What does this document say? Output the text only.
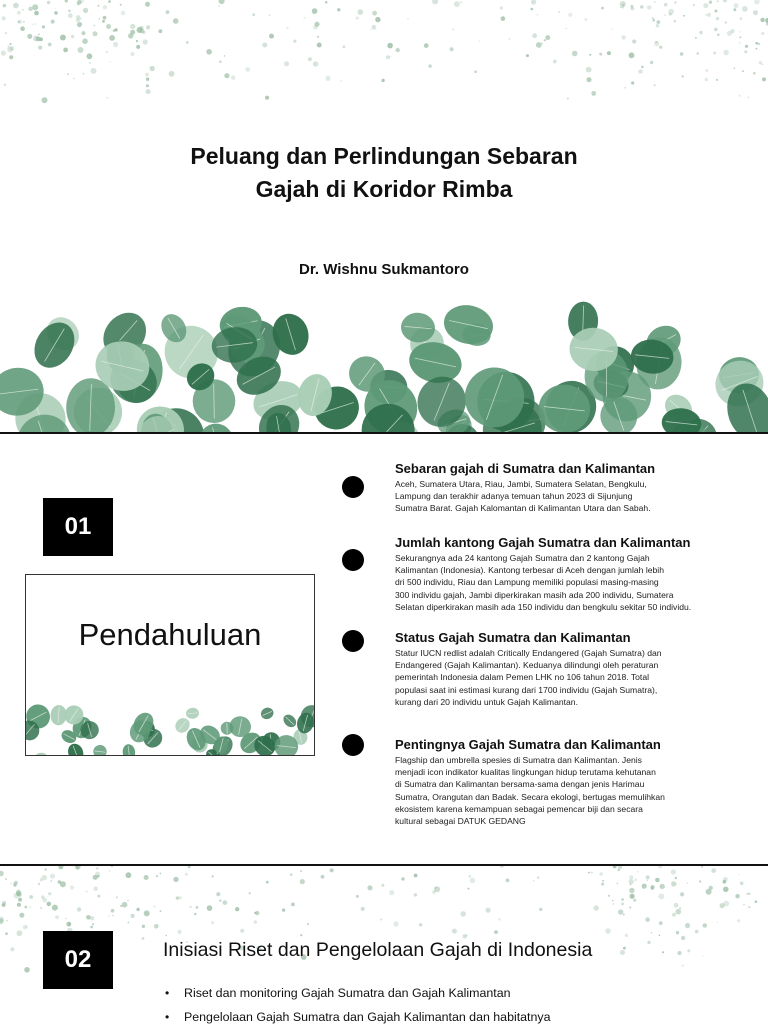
Peluang dan Perlindungan Sebaran
Gajah di Koridor Rimba
Dr. Wishnu Sukmantoro
01
Pendahuluan
Sebaran gajah di Sumatra dan Kalimantan
Aceh, Sumatera Utara, Riau, Jambi, Sumatera Selatan, Bengkulu,
Lampung dan terakhir adanya temuan tahun 2023 di Sijunjung
Sumatra Barat. Gajah Kalomantan di Kalimantan Utara dan Sabah.
Jumlah kantong Gajah Sumatra dan Kalimantan
Sekurangnya ada 24 kantong Gajah Sumatra dan 2 kantong Gajah
Kalimantan (Indonesia). Kantong terbesar di Aceh dengan jumlah lebih
dri 500 individu, Riau dan Lampung memiliki populasi masing-masing
300 individu gajah, Jambi diperkirakan masih ada 200 individu, Sumatera
Selatan diperkirakan masih ada 150 individu dan bengkulu sekitar 50 individu.
Status Gajah Sumatra dan Kalimantan
Statur IUCN redlist adalah Critically Endangered (Gajah Sumatra) dan
Endangered (Gajah Kalimantan). Keduanya dilindungi oleh peraturan
pemerintah Indonesia dalam Pemen LHK no 106 tahun 2018. Total
populasi saat ini estimasi kurang dari 1700 individu (Gajah Sumatra),
kurang dari 20 individu untuk Gajah Kalimantan.
Pentingnya Gajah Sumatra dan Kalimantan
Flagship dan umbrella spesies di Sumatra dan Kalimantan. Jenis
menjadi icon indikator kualitas lingkungan hidup terutama kehutanan
di Sumatra dan Kalimantan bersama-sama dengan jenis Harimau
Sumatra, Orangutan dan Badak. Secara ekologi, bertugas memulihkan
ekosistem karena kemampuan sebagai pemencar biji dan secara
kultural sebagai DATUK GEDANG
02	Inisiasi Riset dan Pengelolaan Gajah di Indonesia
• Riset dan monitoring Gajah Sumatra dan Gajah Kalimantan
• Pengelolaan Gajah Sumatra dan Gajah Kalimantan dan habitatnya
